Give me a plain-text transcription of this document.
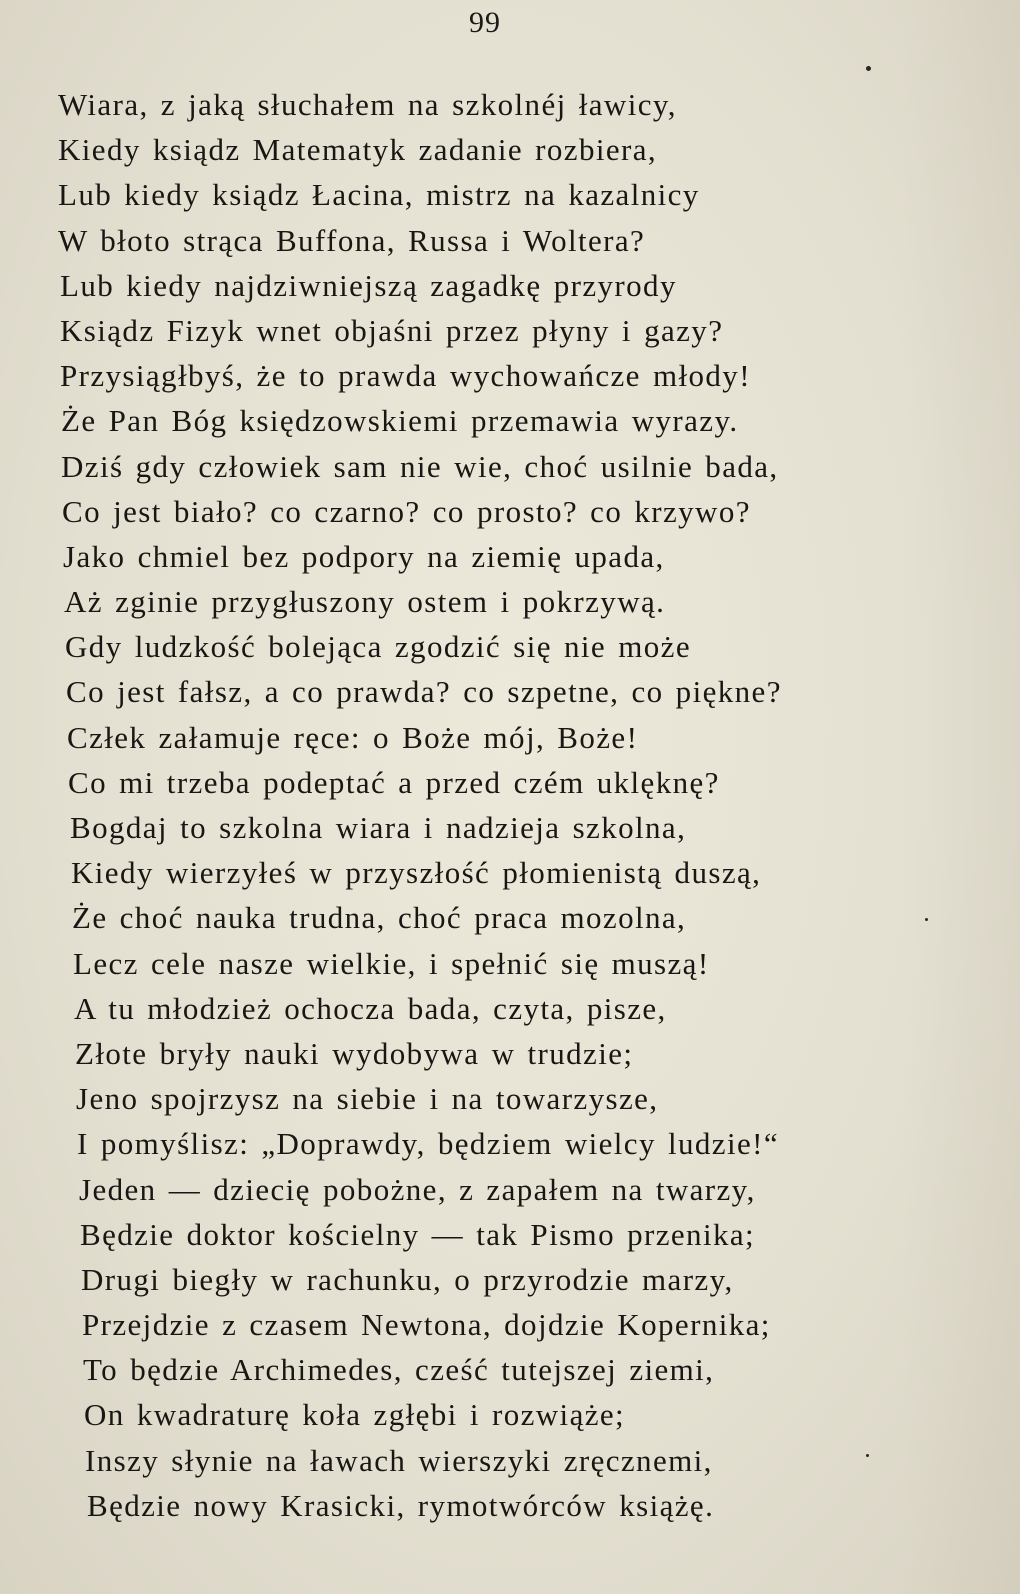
99
Wiara, z jaką słuchałem na szkolnéj ławicy,
Kiedy ksiądz Matematyk zadanie rozbiera,
Lub kiedy ksiądz Łacina, mistrz na kazalnicy
W błoto strąca Buffona, Russa i Woltera?
Lub kiedy najdziwniejszą zagadkę przyrody
Ksiądz Fizyk wnet objaśni przez płyny i gazy?
Przysiągłbyś, że to prawda wychowańcze młody!
Że Pan Bóg księdzowskiemi przemawia wyrazy.
Dziś gdy człowiek sam nie wie, choć usilnie bada,
Co jest biało? co czarno? co prosto? co krzywo?
Jako chmiel bez podpory na ziemię upada,
Aż zginie przygłuszony ostem i pokrzywą.
Gdy ludzkość bolejąca zgodzić się nie może
Co jest fałsz, a co prawda? co szpetne, co piękne?
Człek załamuje ręce: o Boże mój, Boże!
Co mi trzeba podeptać a przed czém uklęknę?
Bogdaj to szkolna wiara i nadzieja szkolna,
Kiedy wierzyłeś w przyszłość płomienistą duszą,
Że choć nauka trudna, choć praca mozolna,
Lecz cele nasze wielkie, i spełnić się muszą!
A tu młodzież ochocza bada, czyta, pisze,
Złote bryły nauki wydobywa w trudzie;
Jeno spojrzysz na siebie i na towarzysze,
I pomyślisz: „Doprawdy, będziem wielcy ludzie!“
Jeden — dziecię pobożne, z zapałem na twarzy,
Będzie doktor kościelny — tak Pismo przenika;
Drugi biegły w rachunku, o przyrodzie marzy,
Przejdzie z czasem Newtona, dojdzie Kopernika;
To będzie Archimedes, cześć tutejszej ziemi,
On kwadraturę koła zgłębi i rozwiąże;
Inszy słynie na ławach wierszyki zręcznemi,
Będzie nowy Krasicki, rymotwórców książę.
